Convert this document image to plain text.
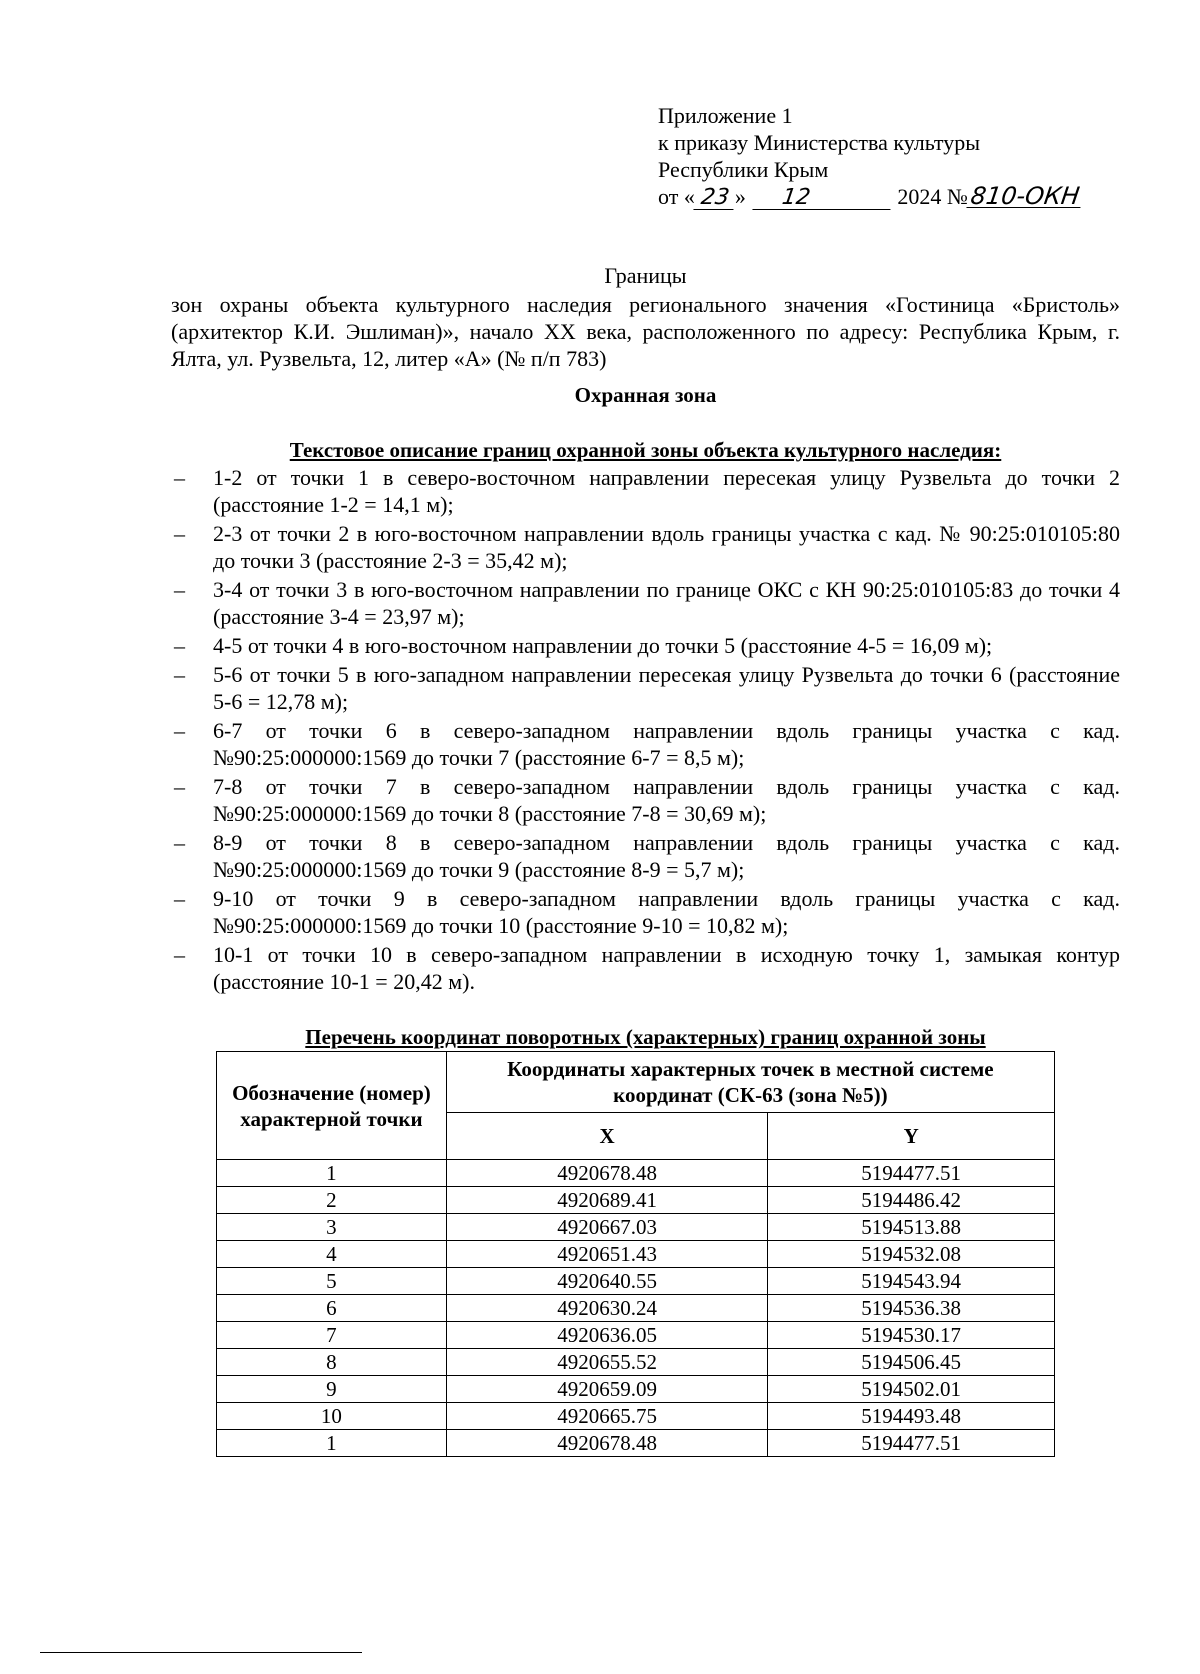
Приложение 1
к приказу Министерства культуры
Республики Крым
от « 23 » 12	2024 №810-ОКН
Границы
зон охраны объекта культурного наследия регионального значения «Гостиница «Бристоль» (архитектор К.И. Эшлиман)», начало XX века, расположенного по адресу: Республика Крым, г. Ялта, ул. Рузвельта, 12, литер «А» (№ п/п 783)
Охранная зона
Текстовое описание границ охранной зоны объекта культурного наследия:
– 1-2 от точки 1 в северо-восточном направлении пересекая улицу Рузвельта до точки 2 (расстояние 1-2 = 14,1 м);
– 2-3 от точки 2 в юго-восточном направлении вдоль границы участка с кад. № 90:25:010105:80 до точки 3 (расстояние 2-3 = 35,42 м);
– 3-4 от точки 3 в юго-восточном направлении по границе ОКС с КН 90:25:010105:83 до точки 4 (расстояние 3-4 = 23,97 м);
– 4-5 от точки 4 в юго-восточном направлении до точки 5 (расстояние 4-5 = 16,09 м);
– 5-6 от точки 5 в юго-западном направлении пересекая улицу Рузвельта до точки 6 (расстояние 5-6 = 12,78 м);
– 6-7 от точки 6 в северо-западном направлении вдоль границы участка с кад. №90:25:000000:1569 до точки 7 (расстояние 6-7 = 8,5 м);
– 7-8 от точки 7 в северо-западном направлении вдоль границы участка с кад. №90:25:000000:1569 до точки 8 (расстояние 7-8 = 30,69 м);
– 8-9 от точки 8 в северо-западном направлении вдоль границы участка с кад. №90:25:000000:1569 до точки 9 (расстояние 8-9 = 5,7 м);
– 9-10 от точки 9 в северо-западном направлении вдоль границы участка с кад. №90:25:000000:1569 до точки 10 (расстояние 9-10 = 10,82 м);
– 10-1 от точки 10 в северо-западном направлении в исходную точку 1, замыкая контур (расстояние 10-1 = 20,42 м).
Перечень координат поворотных (характерных) границ охранной зоны
Обозначение (номер) характерной точки	Координаты характерных точек в местной системе координат (СК-63 (зона №5))	
	X	Y
1	4920678.48	5194477.51
2	4920689.41	5194486.42
3	4920667.03	5194513.88
4	4920651.43	5194532.08
5	4920640.55	5194543.94
6	4920630.24	5194536.38
7	4920636.05	5194530.17
8	4920655.52	5194506.45
9	4920659.09	5194502.01
10	4920665.75	5194493.48
1	4920678.48	5194477.51
